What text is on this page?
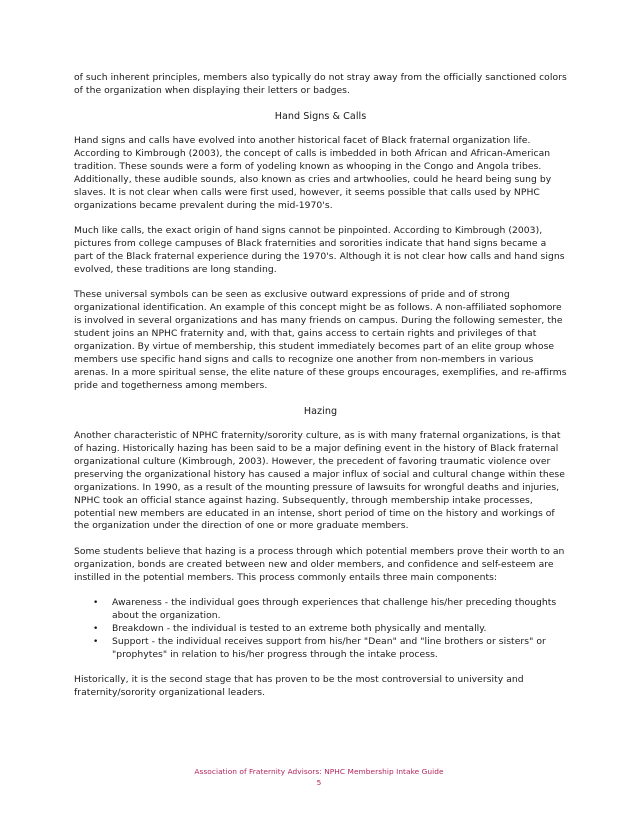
of such inherent principles, members also typically do not stray away from the officially sanctioned colors of the organization when displaying their letters or badges.

Hand Signs & Calls

Hand signs and calls have evolved into another historical facet of Black fraternal organization life. According to Kimbrough (2003), the concept of calls is imbedded in both African and African-American tradition. These sounds were a form of yodeling known as whooping in the Congo and Angola tribes. Additionally, these audible sounds, also known as cries and artwhoolies, could he heard being sung by slaves. It is not clear when calls were first used, however, it seems possible that calls used by NPHC organizations became prevalent during the mid-1970's.

Much like calls, the exact origin of hand signs cannot be pinpointed. According to Kimbrough (2003), pictures from college campuses of Black fraternities and sororities indicate that hand signs became a part of the Black fraternal experience during the 1970's. Although it is not clear how calls and hand signs evolved, these traditions are long standing.

These universal symbols can be seen as exclusive outward expressions of pride and of strong organizational identification. An example of this concept might be as follows. A non-affiliated sophomore is involved in several organizations and has many friends on campus. During the following semester, the student joins an NPHC fraternity and, with that, gains access to certain rights and privileges of that organization. By virtue of membership, this student immediately becomes part of an elite group whose members use specific hand signs and calls to recognize one another from non-members in various arenas. In a more spiritual sense, the elite nature of these groups encourages, exemplifies, and re-affirms pride and togetherness among members.

Hazing

Another characteristic of NPHC fraternity/sorority culture, as is with many fraternal organizations, is that of hazing. Historically hazing has been said to be a major defining event in the history of Black fraternal organizational culture (Kimbrough, 2003). However, the precedent of favoring traumatic violence over preserving the organizational history has caused a major influx of social and cultural change within these organizations. In 1990, as a result of the mounting pressure of lawsuits for wrongful deaths and injuries, NPHC took an official stance against hazing. Subsequently, through membership intake processes, potential new members are educated in an intense, short period of time on the history and workings of the organization under the direction of one or more graduate members.

Some students believe that hazing is a process through which potential members prove their worth to an organization, bonds are created between new and older members, and confidence and self-esteem are instilled in the potential members. This process commonly entails three main components:

• Awareness - the individual goes through experiences that challenge his/her preceding thoughts about the organization.
• Breakdown - the individual is tested to an extreme both physically and mentally.
• Support - the individual receives support from his/her "Dean" and "line brothers or sisters" or "prophytes" in relation to his/her progress through the intake process.

Historically, it is the second stage that has proven to be the most controversial to university and fraternity/sorority organizational leaders.

Association of Fraternity Advisors: NPHC Membership Intake Guide
5
